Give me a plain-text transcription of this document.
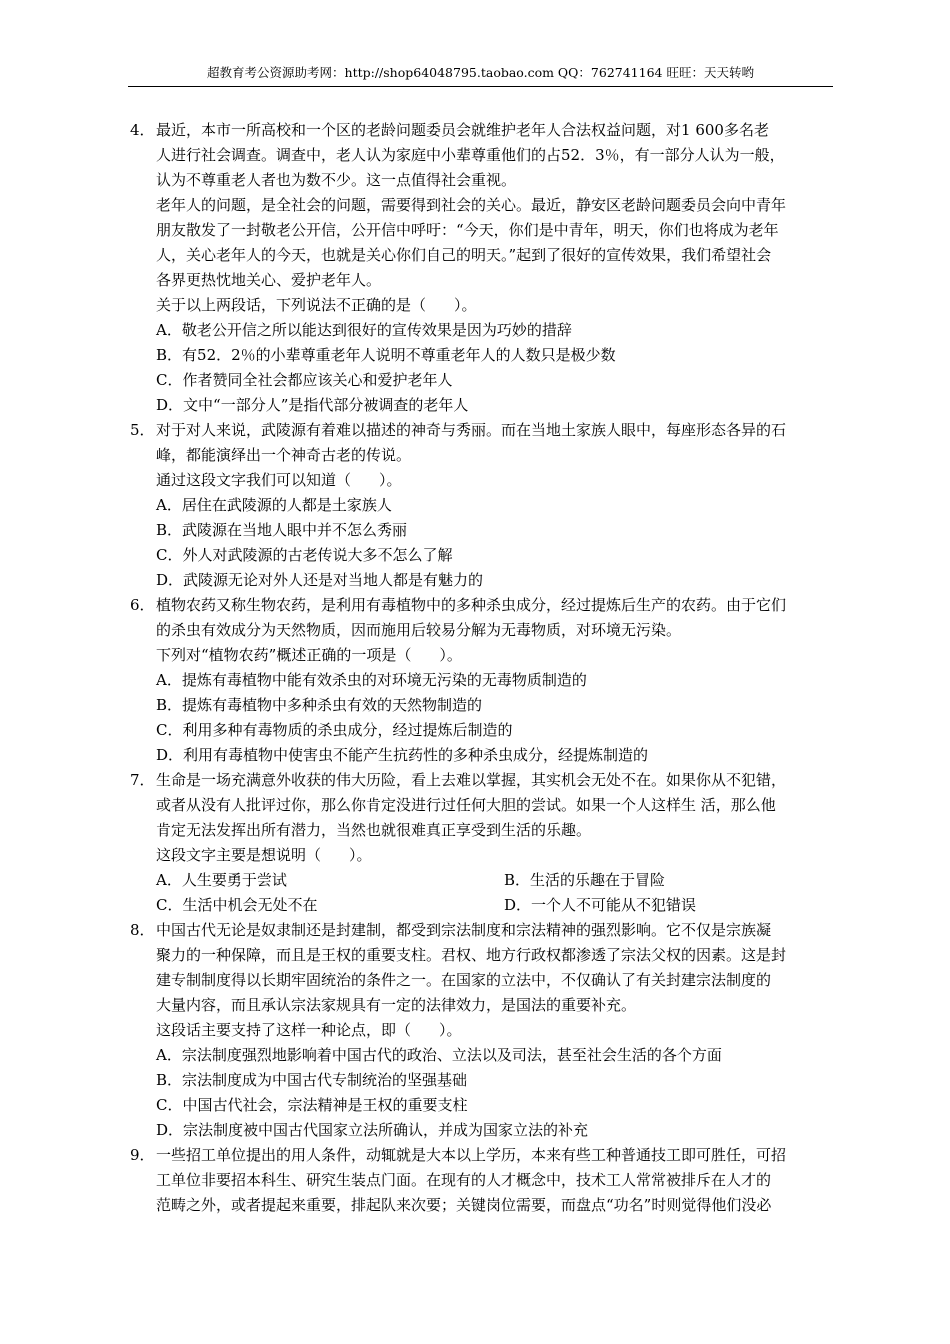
超教育考公资源助考网：http://shop64048795.taobao.com QQ：762741164 旺旺：天天转哟
4．最近，本市一所高校和一个区的老龄问题委员会就维护老年人合法权益问题，对1 600多名老
人进行社会调查。调查中，老人认为家庭中小辈尊重他们的占52．3％，有一部分人认为一般，
认为不尊重老人者也为数不少。这一点值得社会重视。
老年人的问题，是全社会的问题，需要得到社会的关心。最近，静安区老龄问题委员会向中青年
朋友散发了一封敬老公开信，公开信中呼吁：“今天，你们是中青年，明天，你们也将成为老年
人，关心老年人的今天，也就是关心你们自己的明天。”起到了很好的宣传效果，我们希望社会
各界更热忱地关心、爱护老年人。
关于以上两段话，下列说法不正确的是（ ）。
A．敬老公开信之所以能达到很好的宣传效果是因为巧妙的措辞
B．有52．2％的小辈尊重老年人说明不尊重老年人的人数只是极少数
C．作者赞同全社会都应该关心和爱护老年人
D．文中“一部分人”是指代部分被调查的老年人
5．对于对人来说，武陵源有着难以描述的神奇与秀丽。而在当地土家族人眼中，每座形态各异的石
峰，都能演绎出一个神奇古老的传说。
通过这段文字我们可以知道（ ）。
A．居住在武陵源的人都是土家族人
B．武陵源在当地人眼中并不怎么秀丽
C．外人对武陵源的古老传说大多不怎么了解
D．武陵源无论对外人还是对当地人都是有魅力的
6．植物农药又称生物农药，是利用有毒植物中的多种杀虫成分，经过提炼后生产的农药。由于它们
的杀虫有效成分为天然物质，因而施用后较易分解为无毒物质，对环境无污染。
下列对“植物农药”概述正确的一项是（ ）。
A．提炼有毒植物中能有效杀虫的对环境无污染的无毒物质制造的
B．提炼有毒植物中多种杀虫有效的天然物制造的
C．利用多种有毒物质的杀虫成分，经过提炼后制造的
D．利用有毒植物中使害虫不能产生抗药性的多种杀虫成分，经提炼制造的
7．生命是一场充满意外收获的伟大历险，看上去难以掌握，其实机会无处不在。如果你从不犯错，
或者从没有人批评过你，那么你肯定没进行过任何大胆的尝试。如果一个人这样生 活，那么他
肯定无法发挥出所有潜力，当然也就很难真正享受到生活的乐趣。
这段文字主要是想说明（ ）。
A．人生要勇于尝试	B．生活的乐趣在于冒险
C．生活中机会无处不在	D．一个人不可能从不犯错误
8．中国古代无论是奴隶制还是封建制，都受到宗法制度和宗法精神的强烈影响。它不仅是宗族凝
聚力的一种保障，而且是王权的重要支柱。君权、地方行政权都渗透了宗法父权的因素。这是封
建专制制度得以长期牢固统治的条件之一。在国家的立法中，不仅确认了有关封建宗法制度的
大量内容，而且承认宗法家规具有一定的法律效力，是国法的重要补充。
这段话主要支持了这样一种论点，即（ ）。
A．宗法制度强烈地影响着中国古代的政治、立法以及司法，甚至社会生活的各个方面
B．宗法制度成为中国古代专制统治的坚强基础
C．中国古代社会，宗法精神是王权的重要支柱
D．宗法制度被中国古代国家立法所确认，并成为国家立法的补充
9．一些招工单位提出的用人条件，动辄就是大本以上学历，本来有些工种普通技工即可胜任，可招
工单位非要招本科生、研究生装点门面。在现有的人才概念中，技术工人常常被排斥在人才的
范畴之外，或者提起来重要，排起队来次要；关键岗位需要，而盘点“功名”时则觉得他们没必
